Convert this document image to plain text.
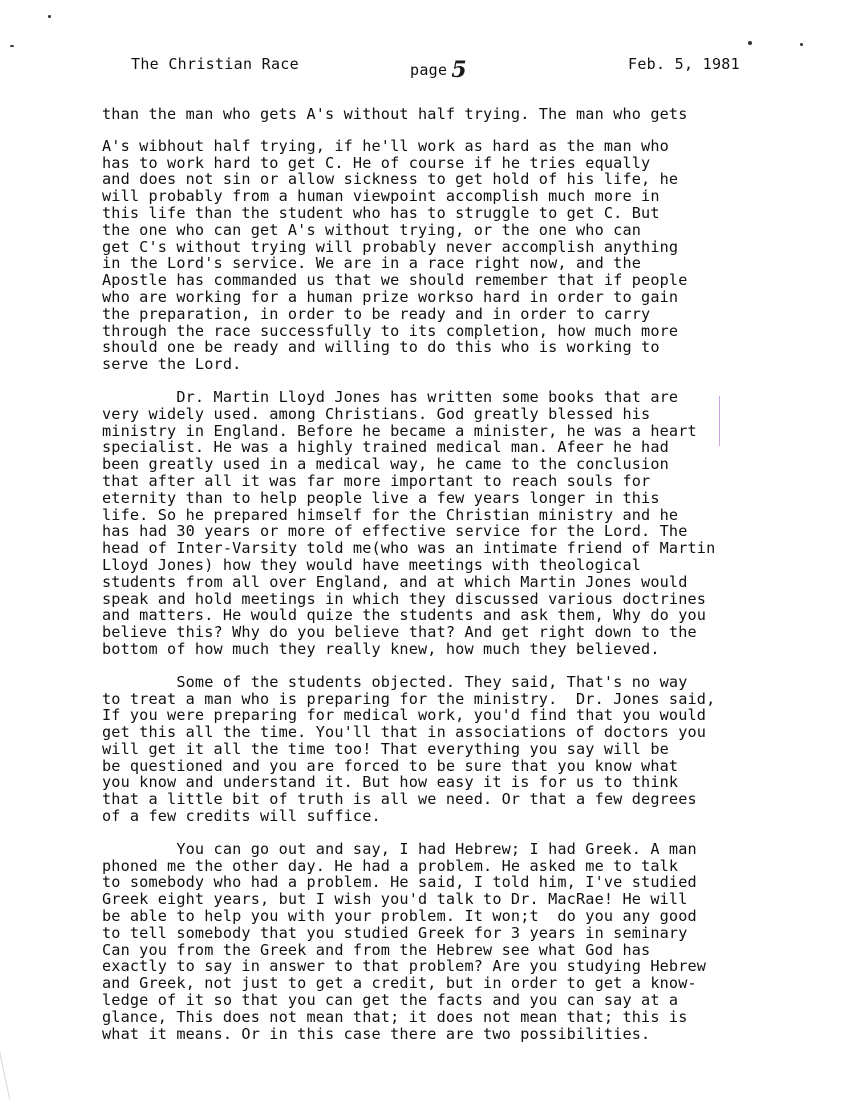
The Christian Race	page 5	Feb. 5, 1981
than the man who gets A's without half trying. The man who gets
A's wibhout half trying, if he'll work as hard as the man who
has to work hard to get C. He of course if he tries equally
and does not sin or allow sickness to get hold of his life, he
will probably from a human viewpoint accomplish much more in
this life than the student who has to struggle to get C. But
the one who can get A's without trying, or the one who can
get C's without trying will probably never accomplish anything
in the Lord's service. We are in a race right now, and the
Apostle has commanded us that we should remember that if people
who are working for a human prize workso hard in order to gain
the preparation, in order to be ready and in order to carry
through the race successfully to its completion, how much more
should one be ready and willing to do this who is working to
serve the Lord.
Dr. Martin Lloyd Jones has written some books that are
very widely used. among Christians. God greatly blessed his
ministry in England. Before he became a minister, he was a heart
specialist. He was a highly trained medical man. Afeer he had
been greatly used in a medical way, he came to the conclusion
that after all it was far more important to reach souls for
eternity than to help people live a few years longer in this
life. So he prepared himself for the Christian ministry and he
has had 30 years or more of effective service for the Lord. The
head of Inter-Varsity told me(who was an intimate friend of Martin
Lloyd Jones) how they would have meetings with theological
students from all over England, and at which Martin Jones would
speak and hold meetings in which they discussed various doctrines
and matters. He would quize the students and ask them, Why do you
believe this? Why do you believe that? And get right down to the
bottom of how much they really knew, how much they believed.
Some of the students objected. They said, That's no way
to treat a man who is preparing for the ministry.  Dr. Jones said,
If you were preparing for medical work, you'd find that you would
get this all the time. You'll that in associations of doctors you
will get it all the time too! That everything you say will be
be questioned and you are forced to be sure that you know what
you know and understand it. But how easy it is for us to think
that a little bit of truth is all we need. Or that a few degrees
of a few credits will suffice.
You can go out and say, I had Hebrew; I had Greek. A man
phoned me the other day. He had a problem. He asked me to talk
to somebody who had a problem. He said, I told him, I've studied
Greek eight years, but I wish you'd talk to Dr. MacRae! He will
be able to help you with your problem. It won;t  do you any good
to tell somebody that you studied Greek for 3 years in seminary
Can you from the Greek and from the Hebrew see what God has
exactly to say in answer to that problem? Are you studying Hebrew
and Greek, not just to get a credit, but in order to get a know-
ledge of it so that you can get the facts and you can say at a
glance, This does not mean that; it does not mean that; this is
what it means. Or in this case there are two possibilities.
